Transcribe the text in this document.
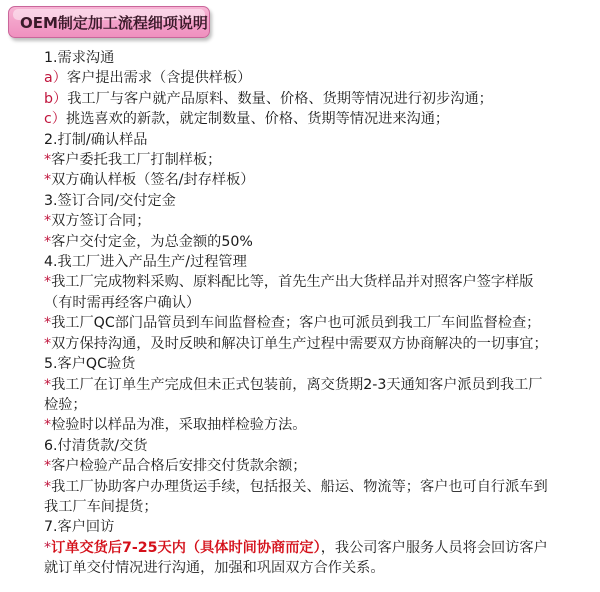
OEM制定加工流程细项说明
1.需求沟通
a）客户提出需求（含提供样板）
b）我工厂与客户就产品原料、数量、价格、货期等情况进行初步沟通；
c）挑选喜欢的新款，就定制数量、价格、货期等情况进来沟通；
2.打制/确认样品
*客户委托我工厂打制样板；
*双方确认样板（签名/封存样板）
3.签订合同/交付定金
*双方签订合同；
*客户交付定金，为总金额的50%
4.我工厂进入产品生产/过程管理
*我工厂完成物料采购、原料配比等，首先生产出大货样品并对照客户签字样版
（有时需再经客户确认）
*我工厂QC部门品管员到车间监督检查；客户也可派员到我工厂车间监督检查；
*双方保持沟通，及时反映和解决订单生产过程中需要双方协商解决的一切事宜；
5.客户QC验货
*我工厂在订单生产完成但未正式包装前，离交货期2-3天通知客户派员到我工厂
检验；
*检验时以样品为准，采取抽样检验方法。
6.付清货款/交货
*客户检验产品合格后安排交付货款余额；
*我工厂协助客户办理货运手续，包括报关、船运、物流等；客户也可自行派车到
我工厂车间提货；
7.客户回访
*订单交货后7-25天内（具体时间协商而定），我公司客户服务人员将会回访客户
就订单交付情况进行沟通，加强和巩固双方合作关系。
